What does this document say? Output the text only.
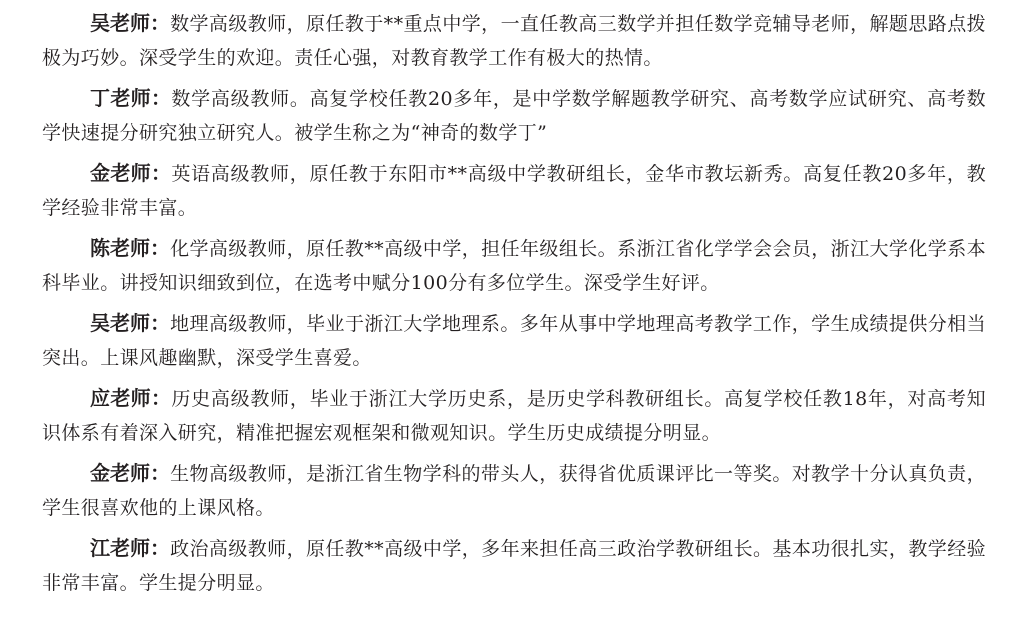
吴老师：数学高级教师，原任教于**重点中学，一直任教高三数学并担任数学竞辅导老师，解题思路点拨极为巧妙。深受学生的欢迎。责任心强，对教育教学工作有极大的热情。

丁老师：数学高级教师。高复学校任教20多年，是中学数学解题教学研究、高考数学应试研究、高考数学快速提分研究独立研究人。被学生称之为“神奇的数学丁”

金老师：英语高级教师，原任教于东阳市**高级中学教研组长，金华市教坛新秀。高复任教20多年，教学经验非常丰富。

陈老师：化学高级教师，原任教**高级中学，担任年级组长。系浙江省化学学会会员，浙江大学化学系本科毕业。讲授知识细致到位，在选考中赋分100分有多位学生。深受学生好评。

吴老师：地理高级教师，毕业于浙江大学地理系。多年从事中学地理高考教学工作，学生成绩提供分相当突出。上课风趣幽默，深受学生喜爱。

应老师：历史高级教师，毕业于浙江大学历史系，是历史学科教研组长。高复学校任教18年，对高考知识体系有着深入研究，精准把握宏观框架和微观知识。学生历史成绩提分明显。

金老师：生物高级教师，是浙江省生物学科的带头人，获得省优质课评比一等奖。对教学十分认真负责，学生很喜欢他的上课风格。

江老师：政治高级教师，原任教**高级中学，多年来担任高三政治学教研组长。基本功很扎实，教学经验非常丰富。学生提分明显。
